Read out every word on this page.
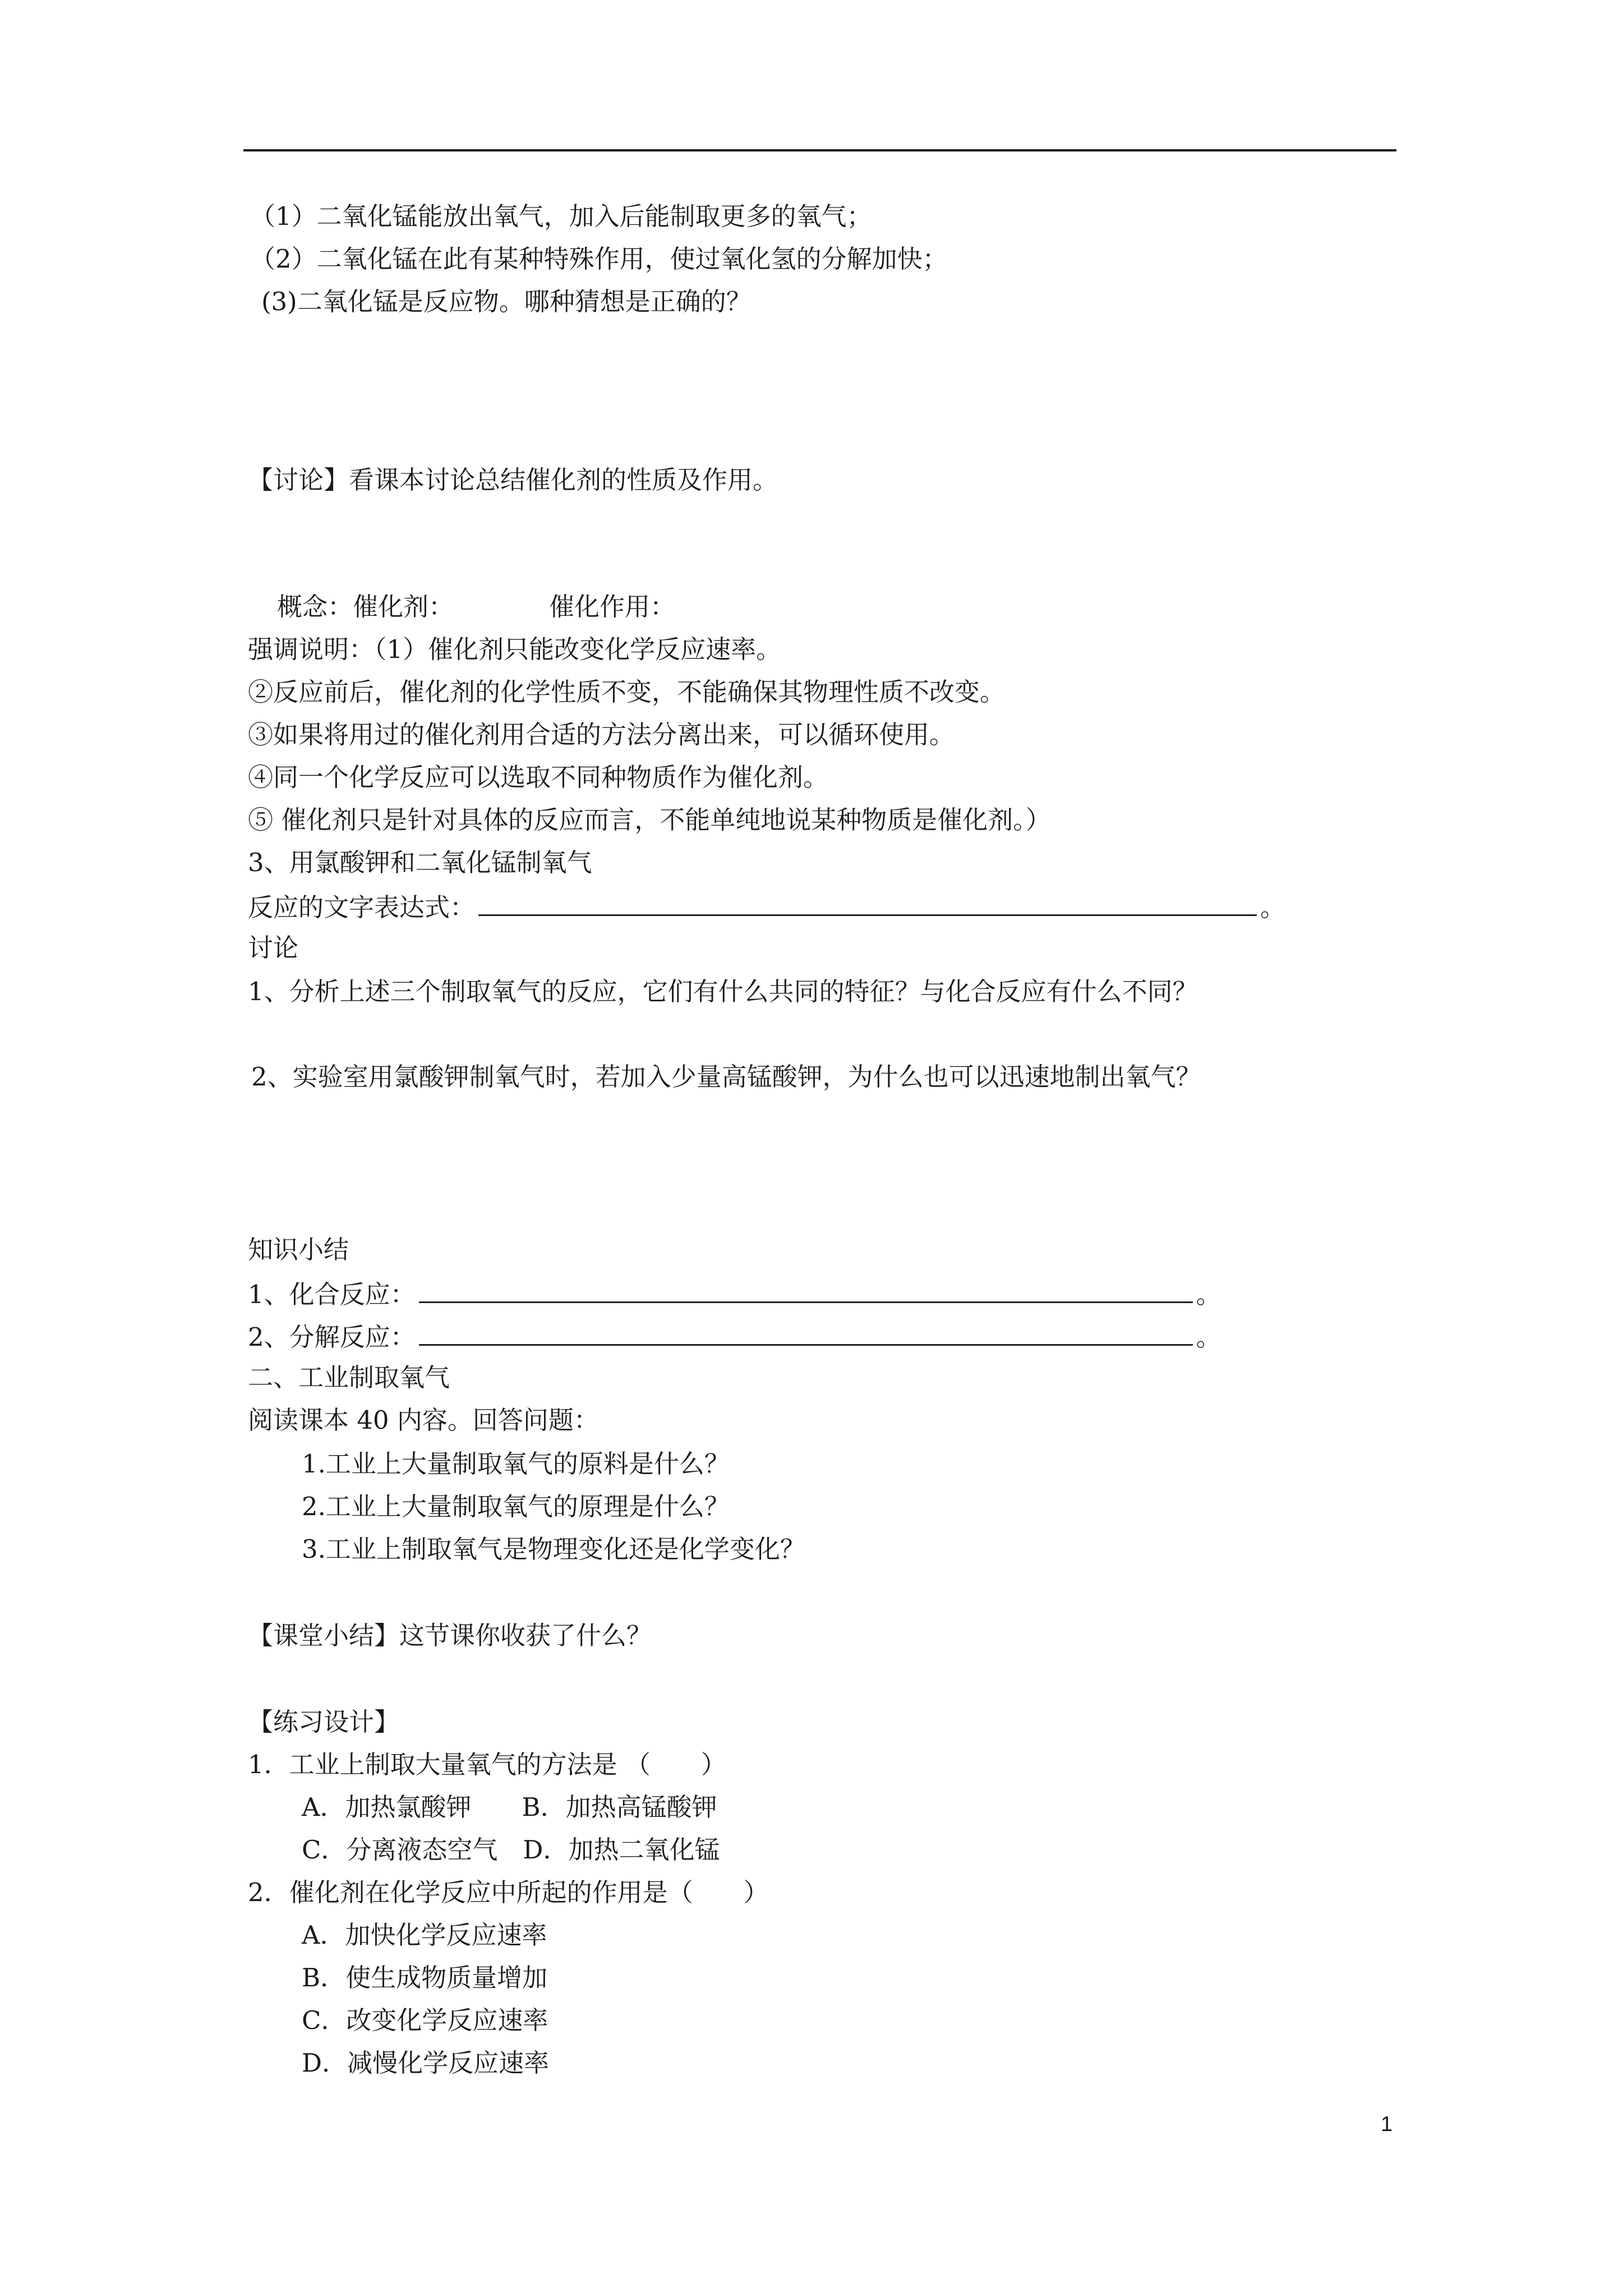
（1）二氧化锰能放出氧气，加入后能制取更多的氧气；
（2）二氧化锰在此有某种特殊作用，使过氧化氢的分解加快；
(3)二氧化锰是反应物。哪种猜想是正确的？
【讨论】看课本讨论总结催化剂的性质及作用。
概念：催化剂：	催化作用：
强调说明：（1）催化剂只能改变化学反应速率。
②反应前后，催化剂的化学性质不变，不能确保其物理性质不改变。
③如果将用过的催化剂用合适的方法分离出来，可以循环使用。
④同一个化学反应可以选取不同种物质作为催化剂。
⑤ 催化剂只是针对具体的反应而言，不能单纯地说某种物质是催化剂。）
3、用氯酸钾和二氧化锰制氧气
反应的文字表达式：	。
讨论
1、分析上述三个制取氧气的反应，它们有什么共同的特征？与化合反应有什么不同？
2、实验室用氯酸钾制氧气时，若加入少量高锰酸钾，为什么也可以迅速地制出氧气？
知识小结
1、化合反应：	。
2、分解反应：	。
二、工业制取氧气
阅读课本 40 内容。回答问题：
1.工业上大量制取氧气的原料是什么？
2.工业上大量制取氧气的原理是什么？
3.工业上制取氧气是物理变化还是化学变化？
【课堂小结】这节课你收获了什么？
【练习设计】
1．工业上制取大量氧气的方法是 （　　）
A．加热氯酸钾　　B．加热高锰酸钾
C．分离液态空气　D．加热二氧化锰
2．催化剂在化学反应中所起的作用是（　　）
A．加快化学反应速率
B．使生成物质量增加
C．改变化学反应速率
D．减慢化学反应速率
1
